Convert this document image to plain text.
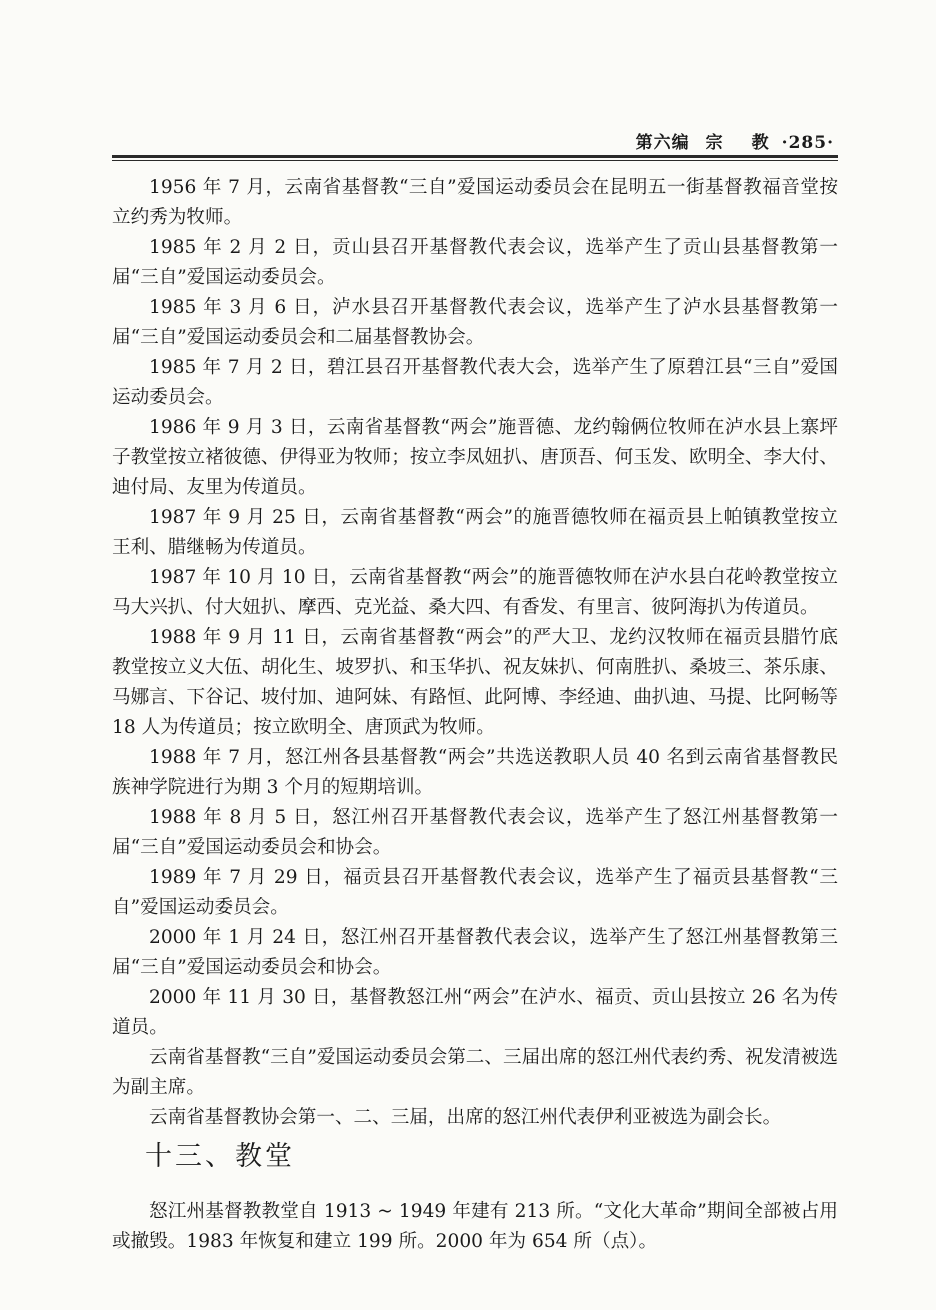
第六编 宗 教 ·285·

1956 年 7 月，云南省基督教“三自”爱国运动委员会在昆明五一街基督教福音堂按立约秀为牧师。

1985 年 2 月 2 日，贡山县召开基督教代表会议，选举产生了贡山县基督教第一届“三自”爱国运动委员会。

1985 年 3 月 6 日，泸水县召开基督教代表会议，选举产生了泸水县基督教第一届“三自”爱国运动委员会和二届基督教协会。

1985 年 7 月 2 日，碧江县召开基督教代表大会，选举产生了原碧江县“三自”爱国运动委员会。

1986 年 9 月 3 日，云南省基督教“两会”施晋德、龙约翰俩位牧师在泸水县上寨坪子教堂按立褚彼德、伊得亚为牧师；按立李凤妞扒、唐顶吾、何玉发、欧明全、李大付、迪付局、友里为传道员。

1987 年 9 月 25 日，云南省基督教“两会”的施晋德牧师在福贡县上帕镇教堂按立王利、腊继畅为传道员。

1987 年 10 月 10 日，云南省基督教“两会”的施晋德牧师在泸水县白花岭教堂按立马大兴扒、付大妞扒、摩西、克光益、桑大四、有香发、有里言、彼阿海扒为传道员。

1988 年 9 月 11 日，云南省基督教“两会”的严大卫、龙约汉牧师在福贡县腊竹底教堂按立义大伍、胡化生、坡罗扒、和玉华扒、祝友妹扒、何南胜扒、桑坡三、茶乐康、马娜言、下谷记、坡付加、迪阿妹、有路恒、此阿博、李经迪、曲扒迪、马提、比阿畅等 18 人为传道员；按立欧明全、唐顶武为牧师。

1988 年 7 月，怒江州各县基督教“两会”共选送教职人员 40 名到云南省基督教民族神学院进行为期 3 个月的短期培训。

1988 年 8 月 5 日，怒江州召开基督教代表会议，选举产生了怒江州基督教第一届“三自”爱国运动委员会和协会。

1989 年 7 月 29 日，福贡县召开基督教代表会议，选举产生了福贡县基督教“三自”爱国运动委员会。

2000 年 1 月 24 日，怒江州召开基督教代表会议，选举产生了怒江州基督教第三届“三自”爱国运动委员会和协会。

2000 年 11 月 30 日，基督教怒江州“两会”在泸水、福贡、贡山县按立 26 名为传道员。

云南省基督教“三自”爱国运动委员会第二、三届出席的怒江州代表约秀、祝发清被选为副主席。

云南省基督教协会第一、二、三届，出席的怒江州代表伊利亚被选为副会长。

十三、教堂

怒江州基督教教堂自 1913 ~ 1949 年建有 213 所。“文化大革命”期间全部被占用或撤毁。1983 年恢复和建立 199 所。2000 年为 654 所（点）。
